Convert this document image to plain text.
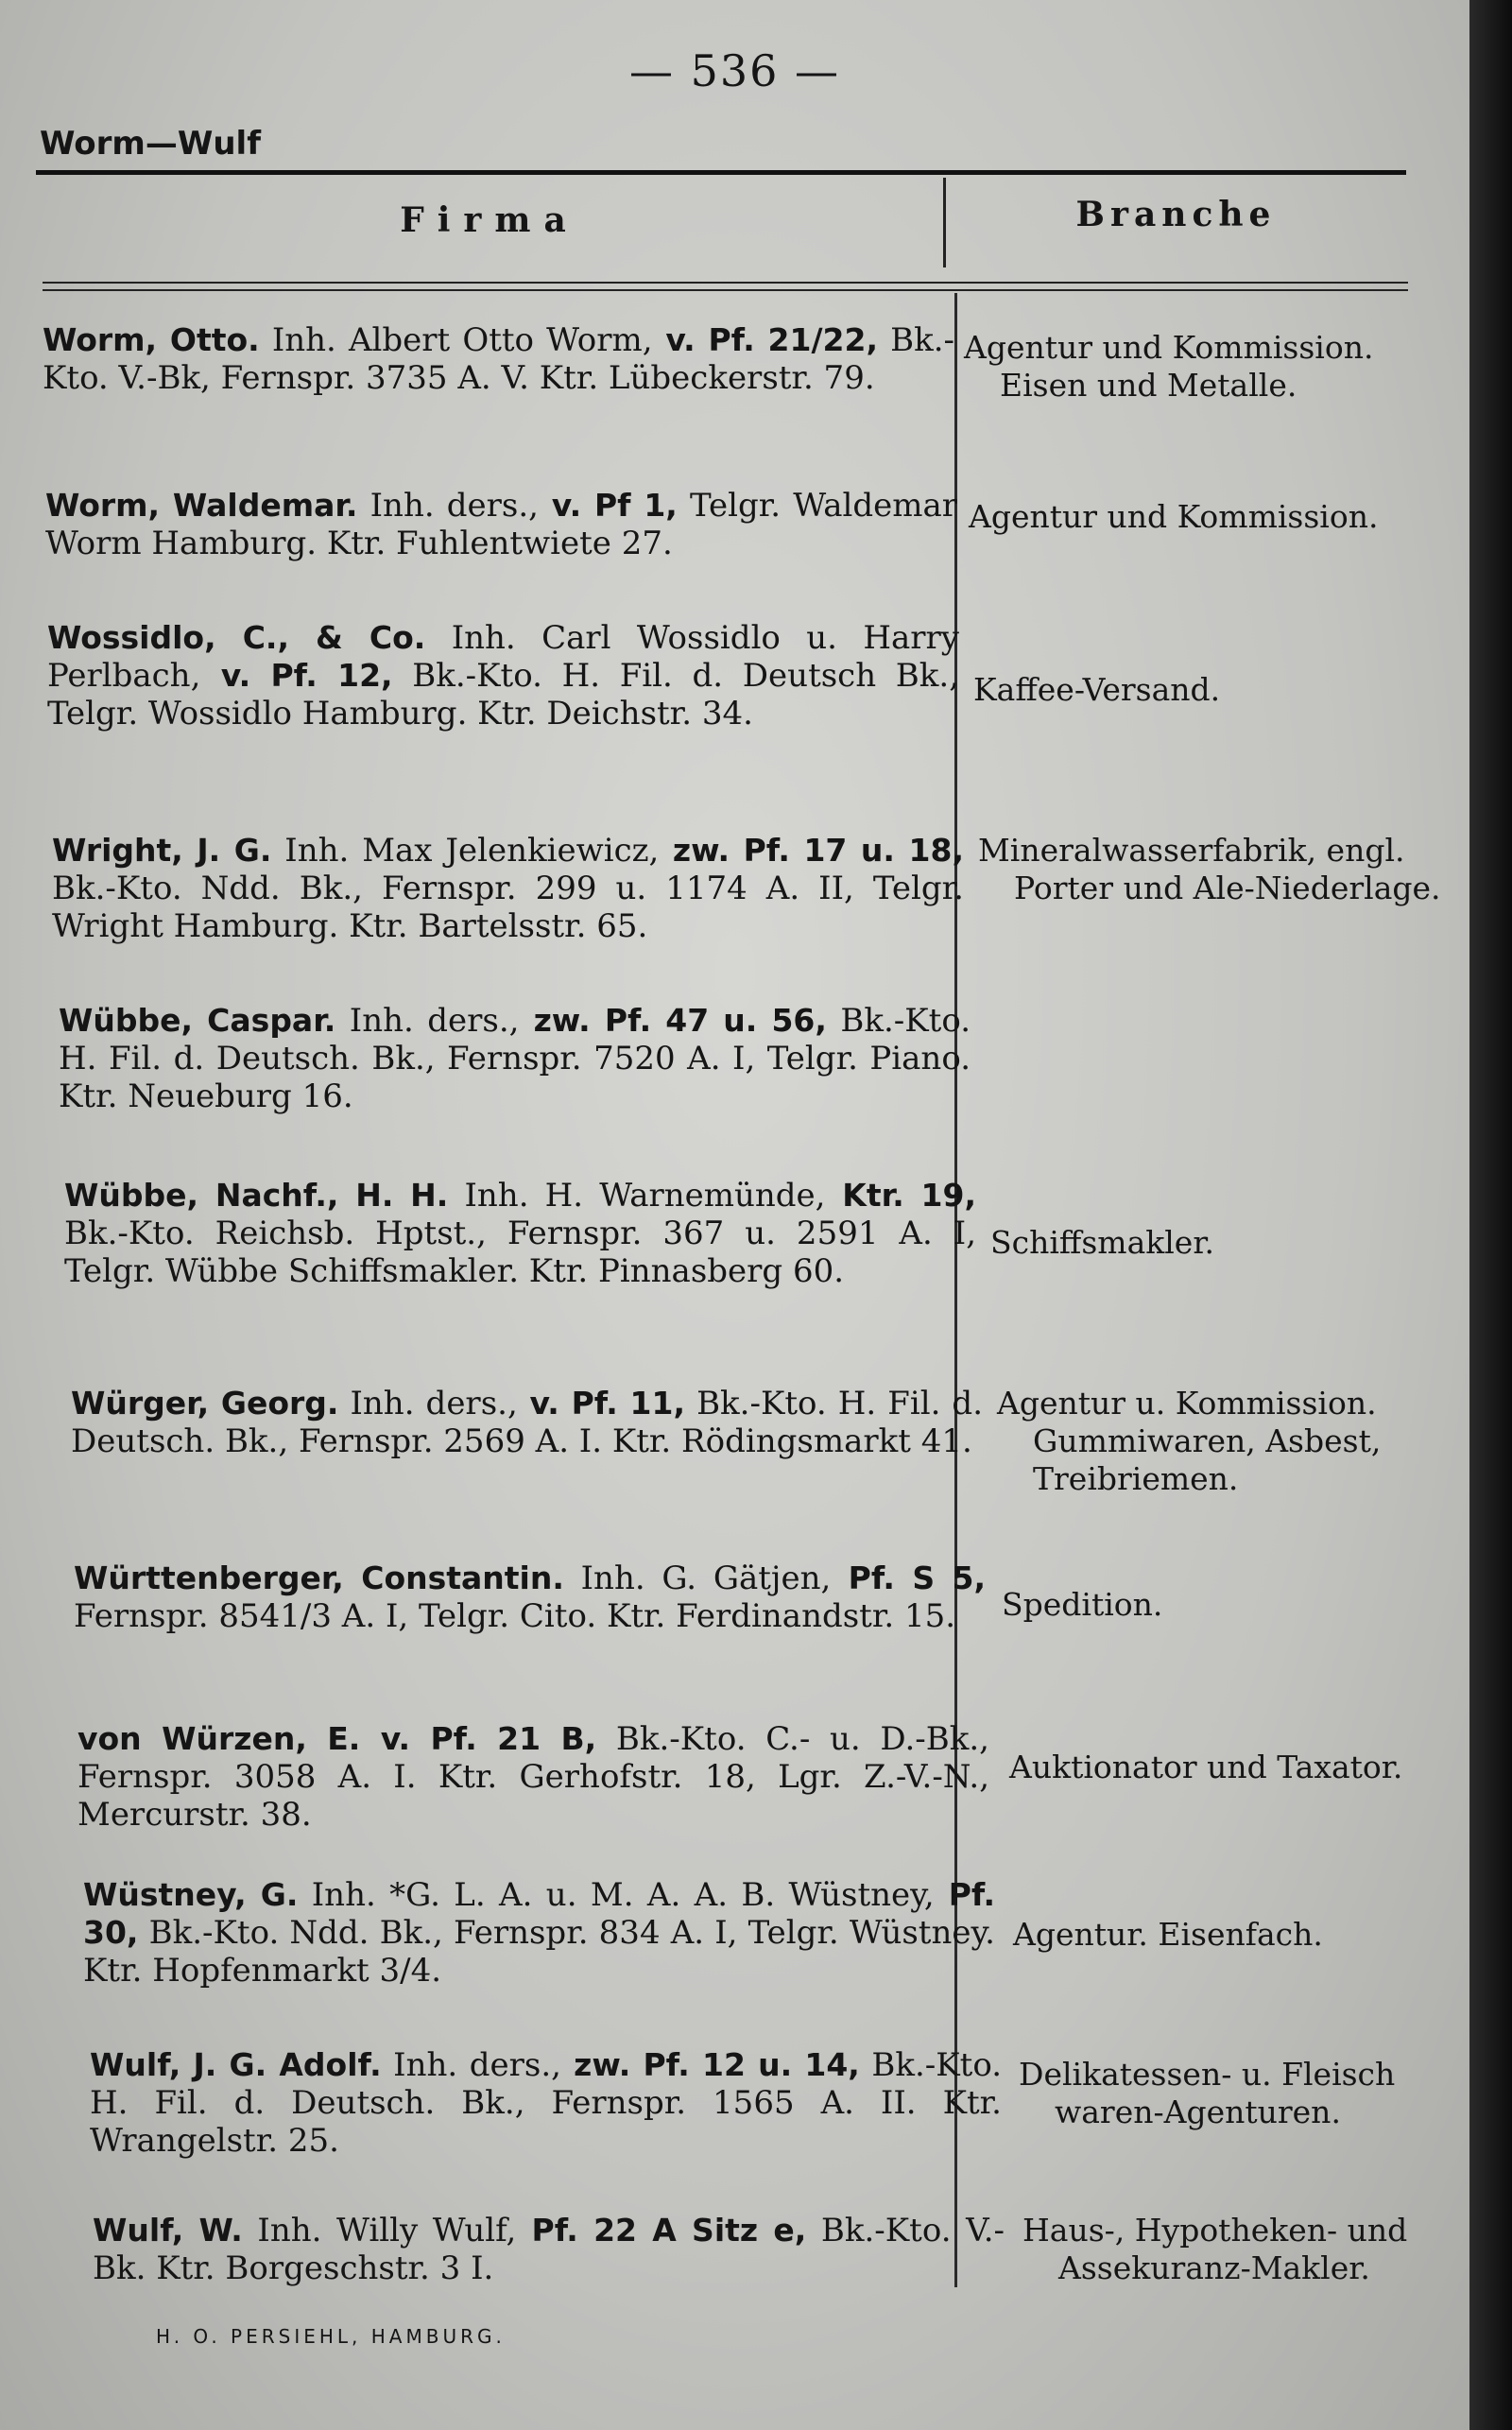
— 536 —
Worm—Wulf
Firma	Branche
Worm, Otto. Inh. Albert Otto Worm, v. Pf. 21/22, Bk.-Kto. V.-Bk, Fernspr. 3735 A. V. Ktr. Lübeckerstr. 79.
Agentur und Kommission.
Eisen und Metalle.
Worm, Waldemar. Inh. ders., v. Pf 1, Telgr. Waldemar Worm Hamburg. Ktr. Fuhlentwiete 27.
Agentur und Kommission.
Wossidlo, C., & Co. Inh. Carl Wossidlo u. Harry Perlbach, v. Pf. 12, Bk.-Kto. H. Fil. d. Deutsch Bk., Telgr. Wossidlo Hamburg. Ktr. Deichstr. 34.
Kaffee-Versand.
Wright, J. G. Inh. Max Jelenkiewicz, zw. Pf. 17 u. 18, Bk.-Kto. Ndd. Bk., Fernspr. 299 u. 1174 A. II, Telgr. Wright Hamburg. Ktr. Bartelsstr. 65.
Mineralwasserfabrik, engl.
Porter und Ale-Niederlage.
Wübbe, Caspar. Inh. ders., zw. Pf. 47 u. 56, Bk.-Kto. H. Fil. d. Deutsch. Bk., Fernspr. 7520 A. I, Telgr. Piano. Ktr. Neueburg 16.
Wübbe, Nachf., H. H. Inh. H. Warnemünde, Ktr. 19, Bk.-Kto. Reichsb. Hptst., Fernspr. 367 u. 2591 A. I, Telgr. Wübbe Schiffsmakler. Ktr. Pinnasberg 60.
Schiffsmakler.
Würger, Georg. Inh. ders., v. Pf. 11, Bk.-Kto. H. Fil. d. Deutsch. Bk., Fernspr. 2569 A. I. Ktr. Rödingsmarkt 41.
Agentur u. Kommission.
Gummiwaren, Asbest, Treibriemen.
Württenberger, Constantin. Inh. G. Gätjen, Pf. S 5, Fernspr. 8541/3 A. I, Telgr. Cito. Ktr. Ferdinandstr. 15.	Spedition.
von Würzen, E. v. Pf. 21 B, Bk.-Kto. C.- u. D.-Bk., Fernspr. 3058 A. I. Ktr. Gerhofstr. 18, Lgr. Z.-V.-N., Mercurstr. 38.
Auktionator und Taxator.
Wüstney, G. Inh. *G. L. A. u. M. A. A. B. Wüstney, Pf. 30, Bk.-Kto. Ndd. Bk., Fernspr. 834 A. I, Telgr. Wüstney. Ktr. Hopfenmarkt 3/4.
Agentur. Eisenfach.
Wulf, J. G. Adolf. Inh. ders., zw. Pf. 12 u. 14, Bk.-Kto. H. Fil. d. Deutsch. Bk., Fernspr. 1565 A. II. Ktr. Wrangelstr. 25.
Delikatessen- u. Fleisch
waren-Agenturen.
Wulf, W. Inh. Willy Wulf, Pf. 22 A Sitz e, Bk.-Kto. V.-Bk. Ktr. Borgeschstr. 3 I.
Haus-, Hypotheken- und
Assekuranz-Makler.
H. O. PERSIEHL, HAMBURG.
